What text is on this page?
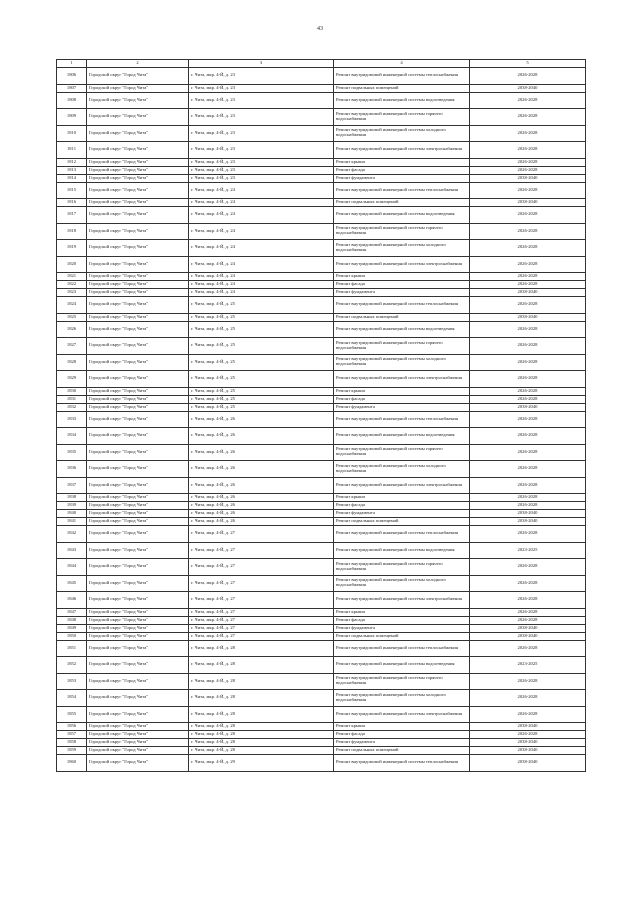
43
1	2	3	4	5
1806	Городской округ "Город Чита"	г. Чита, мкр. 4-Й, д. 23	Ремонт внутридомовой инженерной системы теплоснабжения	2026-2028
1807	Городской округ "Город Чита"	г. Чита, мкр. 4-Й, д. 23	Ремонт подвальных помещений	2038-2040
1808	Городской округ "Город Чита"	г. Чита, мкр. 4-Й, д. 23	Ремонт внутридомовой инженерной системы водоотведения	2026-2028
1809	Городской округ "Город Чита"	г. Чита, мкр. 4-Й, д. 23	Ремонт внутридомовой инженерной системы горячего водоснабжения	2026-2028
1810	Городской округ "Город Чита"	г. Чита, мкр. 4-Й, д. 23	Ремонт внутридомовой инженерной системы холодного водоснабжения	2026-2028
1811	Городской округ "Город Чита"	г. Чита, мкр. 4-Й, д. 23	Ремонт внутридомовой инженерной системы электроснабжения	2026-2028
1812	Городской округ "Город Чита"	г. Чита, мкр. 4-Й, д. 23	Ремонт крыши	2026-2028
1813	Городской округ "Город Чита"	г. Чита, мкр. 4-Й, д. 23	Ремонт фасада	2026-2028
1814	Городской округ "Город Чита"	г. Чита, мкр. 4-Й, д. 23	Ремонт фундамента	2038-2040
1815	Городской округ "Город Чита"	г. Чита, мкр. 4-Й, д. 24	Ремонт внутридомовой инженерной системы теплоснабжения	2026-2028
1816	Городской округ "Город Чита"	г. Чита, мкр. 4-Й, д. 24	Ремонт подвальных помещений	2038-2040
1817	Городской округ "Город Чита"	г. Чита, мкр. 4-Й, д. 24	Ремонт внутридомовой инженерной системы водоотведения	2026-2028
1818	Городской округ "Город Чита"	г. Чита, мкр. 4-Й, д. 24	Ремонт внутридомовой инженерной системы горячего водоснабжения	2026-2028
1819	Городской округ "Город Чита"	г. Чита, мкр. 4-Й, д. 24	Ремонт внутридомовой инженерной системы холодного водоснабжения	2026-2028
1820	Городской округ "Город Чита"	г. Чита, мкр. 4-Й, д. 24	Ремонт внутридомовой инженерной системы электроснабжения	2026-2028
1821	Городской округ "Город Чита"	г. Чита, мкр. 4-Й, д. 24	Ремонт крыши	2026-2028
1822	Городской округ "Город Чита"	г. Чита, мкр. 4-Й, д. 24	Ремонт фасада	2026-2028
1823	Городской округ "Город Чита"	г. Чита, мкр. 4-Й, д. 24	Ремонт фундамента	2038-2040
1824	Городской округ "Город Чита"	г. Чита, мкр. 4-Й, д. 25	Ремонт внутридомовой инженерной системы теплоснабжения	2026-2028
1825	Городской округ "Город Чита"	г. Чита, мкр. 4-Й, д. 25	Ремонт подвальных помещений	2038-2040
1826	Городской округ "Город Чита"	г. Чита, мкр. 4-Й, д. 25	Ремонт внутридомовой инженерной системы водоотведения	2026-2028
1827	Городской округ "Город Чита"	г. Чита, мкр. 4-Й, д. 25	Ремонт внутридомовой инженерной системы горячего водоснабжения	2026-2028
1828	Городской округ "Город Чита"	г. Чита, мкр. 4-Й, д. 25	Ремонт внутридомовой инженерной системы холодного водоснабжения	2026-2028
1829	Городской округ "Город Чита"	г. Чита, мкр. 4-Й, д. 25	Ремонт внутридомовой инженерной системы электроснабжения	2026-2028
1830	Городской округ "Город Чита"	г. Чита, мкр. 4-Й, д. 25	Ремонт крыши	2026-2028
1831	Городской округ "Город Чита"	г. Чита, мкр. 4-Й, д. 25	Ремонт фасада	2026-2028
1832	Городской округ "Город Чита"	г. Чита, мкр. 4-Й, д. 25	Ремонт фундамента	2038-2040
1833	Городской округ "Город Чита"	г. Чита, мкр. 4-Й, д. 26	Ремонт внутридомовой инженерной системы теплоснабжения	2026-2028
1834	Городской округ "Город Чита"	г. Чита, мкр. 4-Й, д. 26	Ремонт внутридомовой инженерной системы водоотведения	2026-2028
1835	Городской округ "Город Чита"	г. Чита, мкр. 4-Й, д. 26	Ремонт внутридомовой инженерной системы горячего водоснабжения	2026-2028
1836	Городской округ "Город Чита"	г. Чита, мкр. 4-Й, д. 26	Ремонт внутридомовой инженерной системы холодного водоснабжения	2026-2028
1837	Городской округ "Город Чита"	г. Чита, мкр. 4-Й, д. 26	Ремонт внутридомовой инженерной системы электроснабжения	2026-2028
1838	Городской округ "Город Чита"	г. Чита, мкр. 4-Й, д. 26	Ремонт крыши	2026-2028
1839	Городской округ "Город Чита"	г. Чита, мкр. 4-Й, д. 26	Ремонт фасада	2026-2028
1840	Городской округ "Город Чита"	г. Чита, мкр. 4-Й, д. 26	Ремонт фундамента	2038-2040
1841	Городской округ "Город Чита"	г. Чита, мкр. 4-Й, д. 26	Ремонт подвальных помещений	2038-2040
1842	Городской округ "Город Чита"	г. Чита, мкр. 4-Й, д. 27	Ремонт внутридомовой инженерной системы теплоснабжения	2026-2028
1843	Городской округ "Город Чита"	г. Чита, мкр. 4-Й, д. 27	Ремонт внутридомовой инженерной системы водоотведения	2023-2025
1844	Городской округ "Город Чита"	г. Чита, мкр. 4-Й, д. 27	Ремонт внутридомовой инженерной системы горячего водоснабжения	2026-2028
1845	Городской округ "Город Чита"	г. Чита, мкр. 4-Й, д. 27	Ремонт внутридомовой инженерной системы холодного водоснабжения	2026-2028
1846	Городской округ "Город Чита"	г. Чита, мкр. 4-Й, д. 27	Ремонт внутридомовой инженерной системы электроснабжения	2026-2028
1847	Городской округ "Город Чита"	г. Чита, мкр. 4-Й, д. 27	Ремонт крыши	2026-2028
1848	Городской округ "Город Чита"	г. Чита, мкр. 4-Й, д. 27	Ремонт фасада	2026-2028
1849	Городской округ "Город Чита"	г. Чита, мкр. 4-Й, д. 27	Ремонт фундамента	2038-2040
1850	Городской округ "Город Чита"	г. Чита, мкр. 4-Й, д. 27	Ремонт подвальных помещений	2038-2040
1851	Городской округ "Город Чита"	г. Чита, мкр. 4-Й, д. 28	Ремонт внутридомовой инженерной системы теплоснабжения	2026-2028
1852	Городской округ "Город Чита"	г. Чита, мкр. 4-Й, д. 28	Ремонт внутридомовой инженерной системы водоотведения	2023-2025
1853	Городской округ "Город Чита"	г. Чита, мкр. 4-Й, д. 28	Ремонт внутридомовой инженерной системы горячего водоснабжения	2026-2028
1854	Городской округ "Город Чита"	г. Чита, мкр. 4-Й, д. 28	Ремонт внутридомовой инженерной системы холодного водоснабжения	2026-2028
1855	Городской округ "Город Чита"	г. Чита, мкр. 4-Й, д. 28	Ремонт внутридомовой инженерной системы электроснабжения	2026-2028
1856	Городской округ "Город Чита"	г. Чита, мкр. 4-Й, д. 28	Ремонт крыши	2038-2040
1857	Городской округ "Город Чита"	г. Чита, мкр. 4-Й, д. 28	Ремонт фасада	2026-2028
1858	Городской округ "Город Чита"	г. Чита, мкр. 4-Й, д. 28	Ремонт фундамента	2038-2040
1859	Городской округ "Город Чита"	г. Чита, мкр. 4-Й, д. 28	Ремонт подвальных помещений	2038-2040
1860	Городской округ "Город Чита"	г. Чита, мкр. 4-Й, д. 29	Ремонт внутридомовой инженерной системы теплоснабжения	2038-2040
